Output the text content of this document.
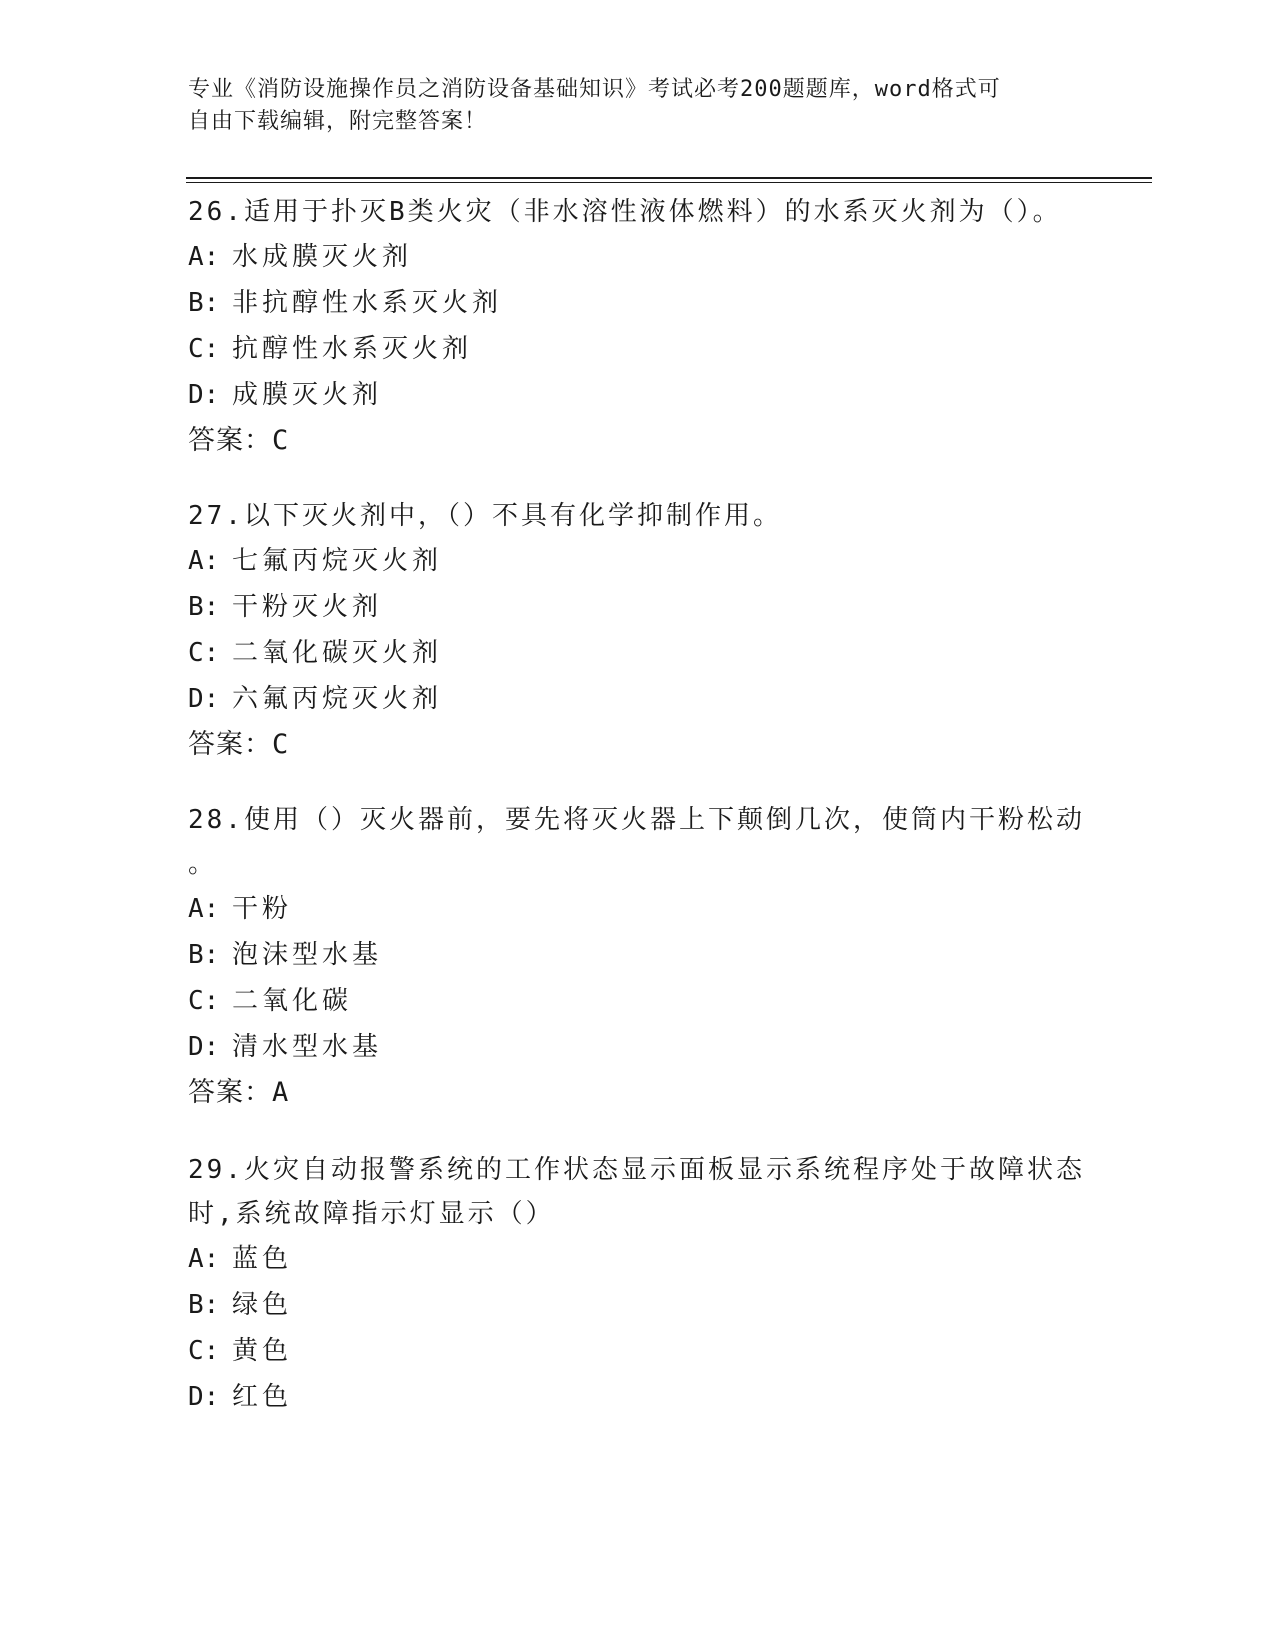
专业《消防设施操作员之消防设备基础知识》考试必考200题题库，word格式可
自由下载编辑，附完整答案！
26.适用于扑灭B类火灾（非水溶性液体燃料）的水系灭火剂为（）。
A: 水成膜灭火剂
B: 非抗醇性水系灭火剂
C: 抗醇性水系灭火剂
D: 成膜灭火剂
答案：C
27.以下灭火剂中，（）不具有化学抑制作用。
A: 七氟丙烷灭火剂
B: 干粉灭火剂
C: 二氧化碳灭火剂
D: 六氟丙烷灭火剂
答案：C
28.使用（）灭火器前，要先将灭火器上下颠倒几次，使筒内干粉松动
。
A: 干粉
B: 泡沫型水基
C: 二氧化碳
D: 清水型水基
答案：A
29.火灾自动报警系统的工作状态显示面板显示系统程序处于故障状态
时,系统故障指示灯显示（）
A: 蓝色
B: 绿色
C: 黄色
D: 红色
